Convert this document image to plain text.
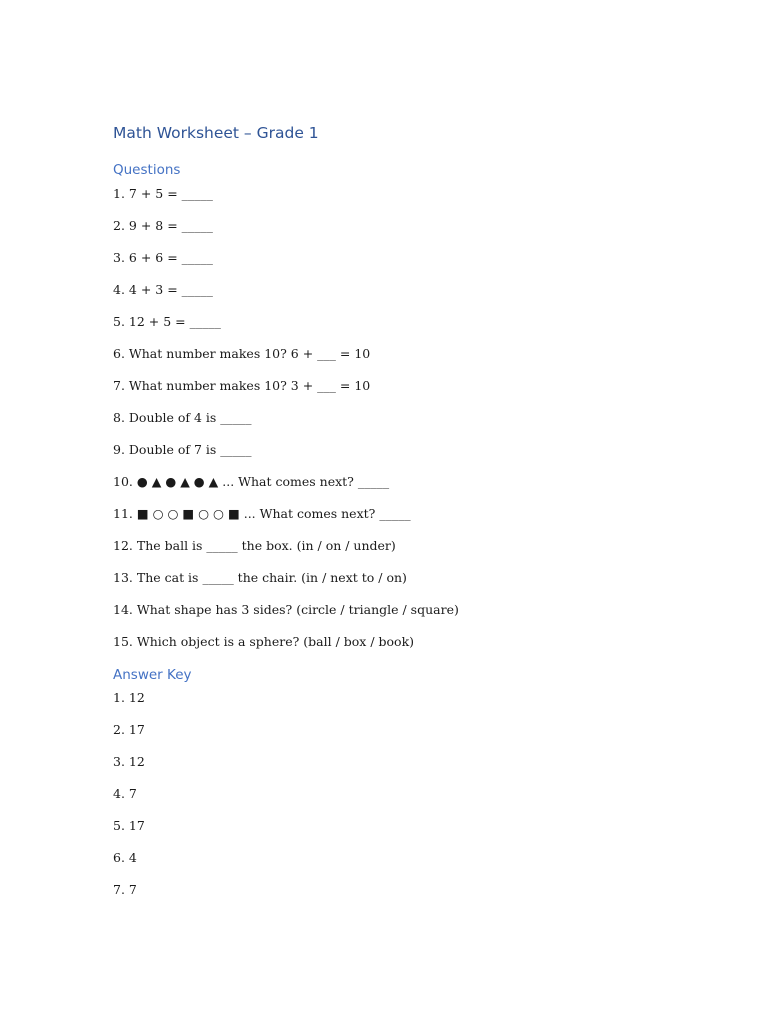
Math Worksheet – Grade 1
Questions
1. 7 + 5 = _____
2. 9 + 8 = _____
3. 6 + 6 = _____
4. 4 + 3 = _____
5. 12 + 5 = _____
6. What number makes 10? 6 + ___ = 10
7. What number makes 10? 3 + ___ = 10
8. Double of 4 is _____
9. Double of 7 is _____
10. ● ▲ ● ▲ ● ▲ ... What comes next? _____
11. ■ ○ ○ ■ ○ ○ ■ ... What comes next? _____
12. The ball is _____ the box. (in / on / under)
13. The cat is _____ the chair. (in / next to / on)
14. What shape has 3 sides? (circle / triangle / square)
15. Which object is a sphere? (ball / box / book)
Answer Key
1. 12
2. 17
3. 12
4. 7
5. 17
6. 4
7. 7
